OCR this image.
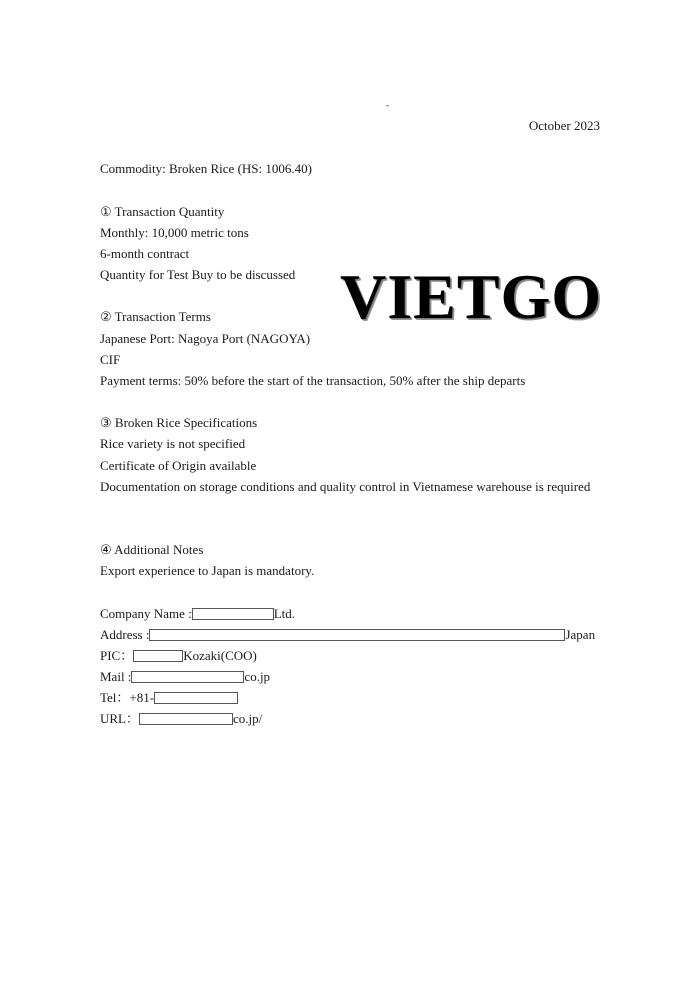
-
October 2023
Commodity: Broken Rice (HS: 1006.40)
① Transaction Quantity
Monthly: 10,000 metric tons
6-month contract
Quantity for Test Buy to be discussed VIETGO
② Transaction Terms
Japanese Port: Nagoya Port (NAGOYA)
CIF
Payment terms: 50% before the start of the transaction, 50% after the ship departs
③ Broken Rice Specifications
Rice variety is not specified
Certificate of Origin available
Documentation on storage conditions and quality control in Vietnamese warehouse is required
④ Additional Notes
Export experience to Japan is mandatory.
Company Name :	Ltd.
Address :	Japan
PIC：	Kozaki(COO)
Mail :	co.jp
Tel：+81-
URL：	co.jp/
